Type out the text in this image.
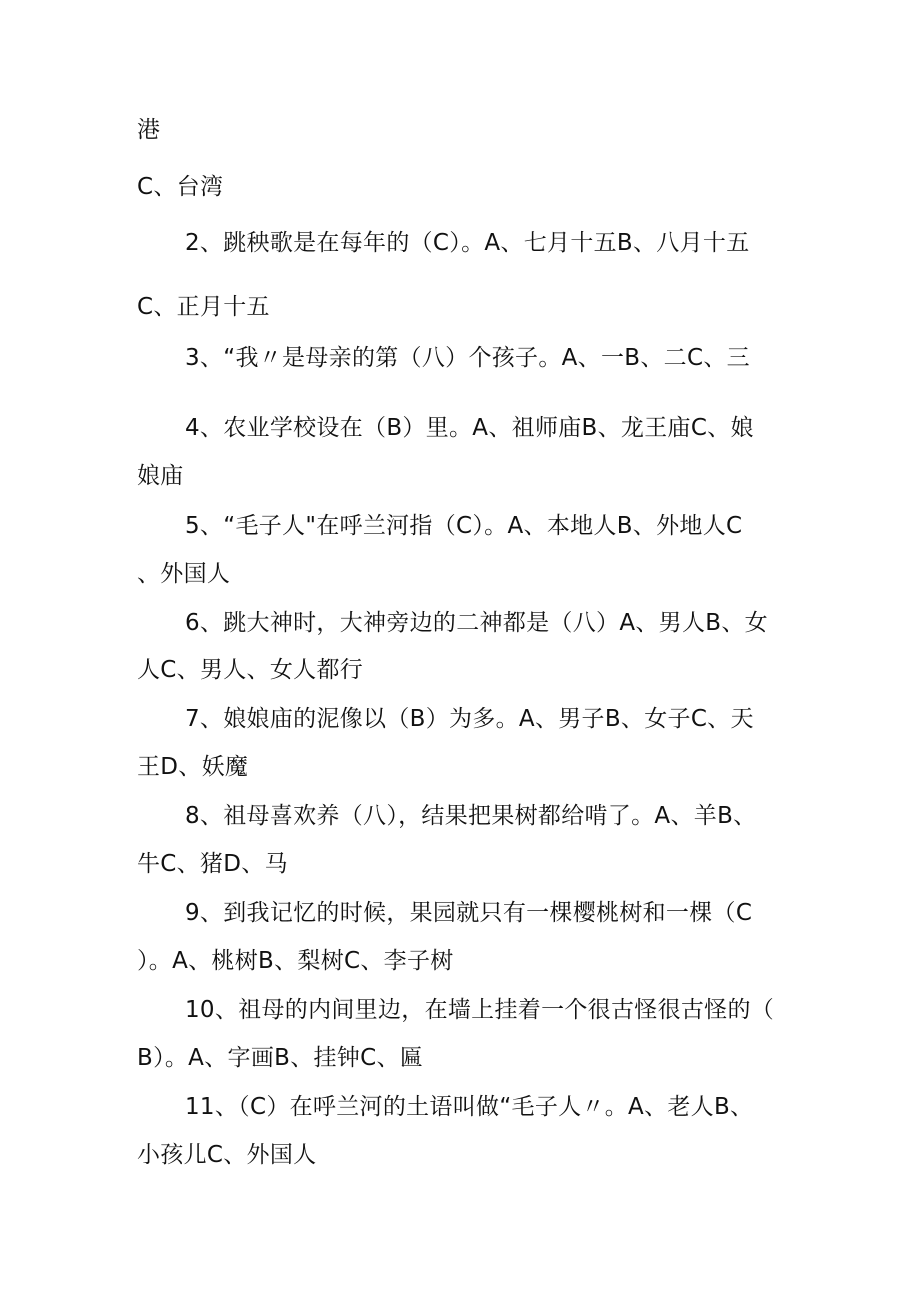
港
C、台湾
2、跳秧歌是在每年的（C）。A、七月十五B、八月十五
C、正月十五
3、“我〃是母亲的第（八）个孩子。A、一B、二C、三
4、农业学校设在（B）里。A、祖师庙B、龙王庙C、娘
娘庙
5、“毛子人"在呼兰河指（C）。A、本地人B、外地人C
、外国人
6、跳大神时，大神旁边的二神都是（八）A、男人B、女
人C、男人、女人都行
7、娘娘庙的泥像以（B）为多。A、男子B、女子C、天
王D、妖魔
8、祖母喜欢养（八），结果把果树都给啃了。A、羊B、
牛C、猪D、马
9、到我记忆的时候，果园就只有一棵樱桃树和一棵（C
）。A、桃树B、梨树C、李子树
10、祖母的内间里边，在墙上挂着一个很古怪很古怪的（
B）。A、字画B、挂钟C、匾
11、（C）在呼兰河的土语叫做“毛子人〃。A、老人B、
小孩儿C、外国人
